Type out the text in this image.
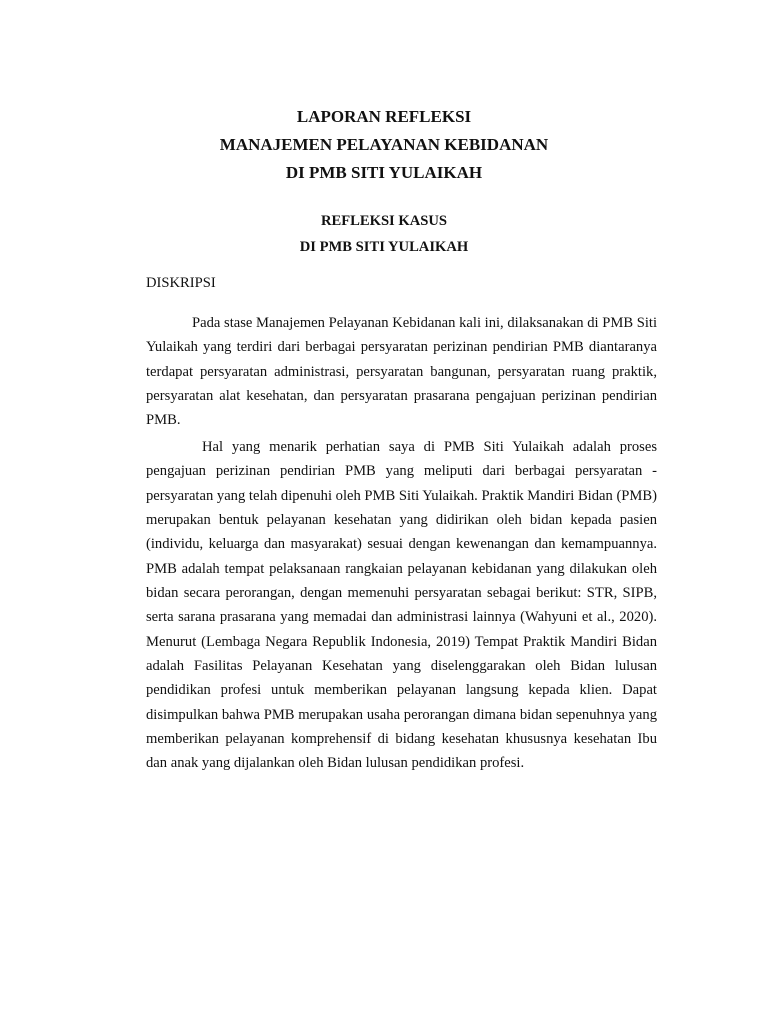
LAPORAN REFLEKSI
MANAJEMEN PELAYANAN KEBIDANAN
DI PMB SITI YULAIKAH
REFLEKSI KASUS
DI PMB SITI YULAIKAH
DISKRIPSI

Pada stase Manajemen Pelayanan Kebidanan kali ini, dilaksanakan di PMB Siti Yulaikah yang terdiri dari berbagai persyaratan perizinan pendirian PMB diantaranya terdapat persyaratan administrasi, persyaratan bangunan, persyaratan ruang praktik, persyaratan alat kesehatan, dan persyaratan prasarana pengajuan perizinan pendirian PMB.

Hal yang menarik perhatian saya di PMB Siti Yulaikah adalah proses pengajuan perizinan pendirian PMB yang meliputi dari berbagai persyaratan - persyaratan yang telah dipenuhi oleh PMB Siti Yulaikah. Praktik Mandiri Bidan (PMB) merupakan bentuk pelayanan kesehatan yang didirikan oleh bidan kepada pasien (individu, keluarga dan masyarakat) sesuai dengan kewenangan dan kemampuannya. PMB adalah tempat pelaksanaan rangkaian pelayanan kebidanan yang dilakukan oleh bidan secara perorangan, dengan memenuhi persyaratan sebagai berikut: STR, SIPB, serta sarana prasarana yang memadai dan administrasi lainnya (Wahyuni et al., 2020). Menurut (Lembaga Negara Republik Indonesia, 2019) Tempat Praktik Mandiri Bidan adalah Fasilitas Pelayanan Kesehatan yang diselenggarakan oleh Bidan lulusan pendidikan profesi untuk memberikan pelayanan langsung kepada klien. Dapat disimpulkan bahwa PMB merupakan usaha perorangan dimana bidan sepenuhnya yang memberikan pelayanan komprehensif di bidang kesehatan khususnya kesehatan Ibu dan anak yang dijalankan oleh Bidan lulusan pendidikan profesi.
